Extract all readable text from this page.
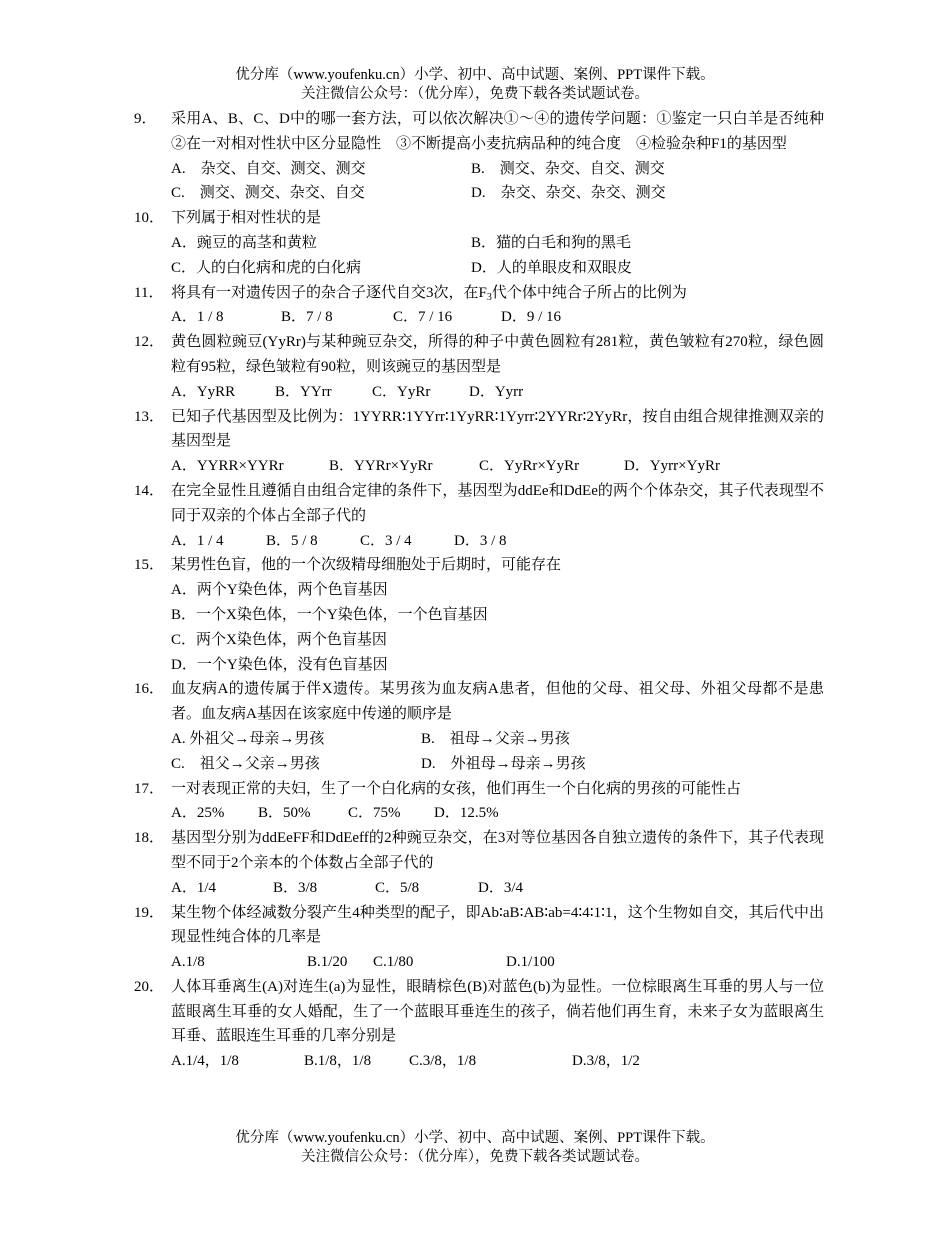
优分库（www.youfenku.cn）小学、初中、高中试题、案例、PPT课件下载。
关注微信公众号：（优分库），免费下载各类试题试卷。
9． 采用A、B、C、D中的哪一套方法，可以依次解决①～④的遗传学问题：①鉴定一只白羊是否纯种　②在一对相对性状中区分显隐性　③不断提高小麦抗病品种的纯合度　④检验杂种F1的基因型
A.　杂交、自交、测交、测交	B.　测交、杂交、自交、测交
C.　测交、测交、杂交、自交	D.　杂交、杂交、杂交、测交
10． 下列属于相对性状的是
A．豌豆的高茎和黄粒	B．猫的白毛和狗的黑毛
C．人的白化病和虎的白化病	D．人的单眼皮和双眼皮
11． 将具有一对遗传因子的杂合子逐代自交3次，在$F_3$代个体中纯合子所占的比例为
A．1 / 8	B．7 / 8	C．7 / 16	D．9 / 16
12． 黄色圆粒豌豆(YyRr)与某种豌豆杂交，所得的种子中黄色圆粒有281粒，黄色皱粒有270粒，绿色圆粒有95粒，绿色皱粒有90粒，则该豌豆的基因型是
A．YyRR	B．YYrr	C．YyRr	D．Yyrr
13． 已知子代基因型及比例为：1YYRR∶1YYrr∶1YyRR∶1Yyrr∶2YYRr∶2YyRr，按自由组合规律推测双亲的基因型是
A．YYRR×YYRr	B．YYRr×YyRr	C．YyRr×YyRr	D．Yyrr×YyRr
14． 在完全显性且遵循自由组合定律的条件下，基因型为ddEe和DdEe的两个个体杂交，其子代表现型不同于双亲的个体占全部子代的
A．1 / 4	B．5 / 8	C．3 / 4	D．3 / 8
15． 某男性色盲，他的一个次级精母细胞处于后期时，可能存在
A．两个Y染色体，两个色盲基因
B．一个X染色体，一个Y染色体，一个色盲基因
C．两个X染色体，两个色盲基因
D．一个Y染色体，没有色盲基因
16． 血友病A的遗传属于伴X遗传。某男孩为血友病A患者，但他的父母、祖父母、外祖父母都不是患者。血友病A基因在该家庭中传递的顺序是
A. 外祖父→母亲→男孩	B.　祖母→父亲→男孩
C.　祖父→父亲→男孩	D.　外祖母→母亲→男孩
17． 一对表现正常的夫妇，生了一个白化病的女孩，他们再生一个白化病的男孩的可能性占
A．25% B．50% C．75% D．12.5%
18． 基因型分别为ddEeFF和DdEeff的2种豌豆杂交，在3对等位基因各自独立遗传的条件下，其子代表现型不同于2个亲本的个体数占全部子代的
A．1/4	B．3/8	C．5/8	D．3/4
19． 某生物个体经减数分裂产生4种类型的配子，即Ab∶aB∶AB∶ab=4∶4∶1∶1，这个生物如自交，其后代中出现显性纯合体的几率是
A.1/8	B.1/20 C.1/80	D.1/100
20． 人体耳垂离生(A)对连生(a)为显性，眼睛棕色(B)对蓝色(b)为显性。一位棕眼离生耳垂的男人与一位蓝眼离生耳垂的女人婚配，生了一个蓝眼耳垂连生的孩子，倘若他们再生育，未来子女为蓝眼离生耳垂、蓝眼连生耳垂的几率分别是
A.1/4，1/8	B.1/8，1/8	C.3/8，1/8	D.3/8，1/2
优分库（www.youfenku.cn）小学、初中、高中试题、案例、PPT课件下载。
关注微信公众号：（优分库），免费下载各类试题试卷。
